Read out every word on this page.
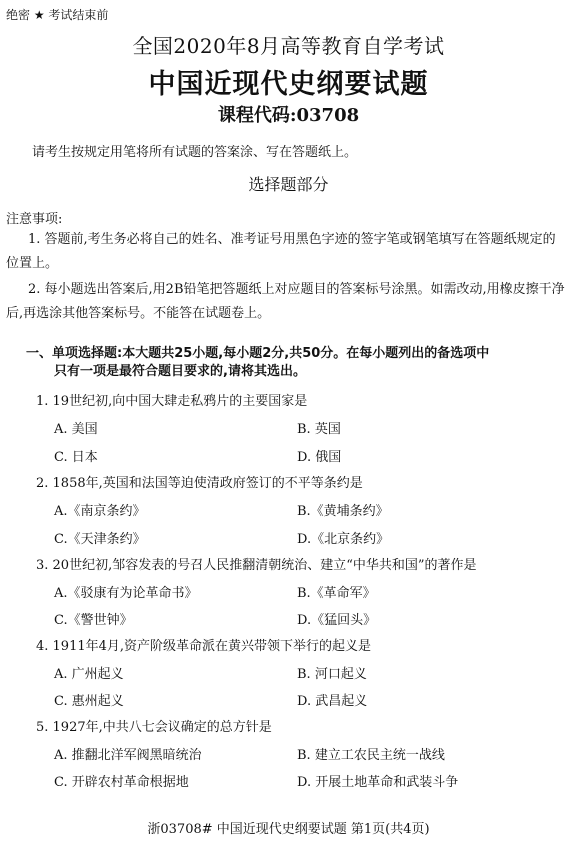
绝密 ★ 考试结束前
全国2020年8月高等教育自学考试
中国近现代史纲要试题
课程代码:03708
请考生按规定用笔将所有试题的答案涂、写在答题纸上。
选择题部分
注意事项:
1. 答题前,考生务必将自己的姓名、准考证号用黑色字迹的签字笔或钢笔填写在答题纸规定的位置上。
2. 每小题选出答案后,用2B铅笔把答题纸上对应题目的答案标号涂黑。如需改动,用橡皮擦干净后,再选涂其他答案标号。不能答在试题卷上。
一、单项选择题:本大题共25小题,每小题2分,共50分。在每小题列出的备选项中
只有一项是最符合题目要求的,请将其选出。
1. 19世纪初,向中国大肆走私鸦片的主要国家是
A. 美国	B. 英国
C. 日本	D. 俄国
2. 1858年,英国和法国等迫使清政府签订的不平等条约是
A.《南京条约》	B.《黄埔条约》
C.《天津条约》	D.《北京条约》
3. 20世纪初,邹容发表的号召人民推翻清朝统治、建立“中华共和国”的著作是
A.《驳康有为论革命书》	B.《革命军》
C.《警世钟》	D.《猛回头》
4. 1911年4月,资产阶级革命派在黄兴带领下举行的起义是
A. 广州起义	B. 河口起义
C. 惠州起义	D. 武昌起义
5. 1927年,中共八七会议确定的总方针是
A. 推翻北洋军阀黑暗统治	B. 建立工农民主统一战线
C. 开辟农村革命根据地	D. 开展土地革命和武装斗争
浙03708# 中国近现代史纲要试题 第1页(共4页)
